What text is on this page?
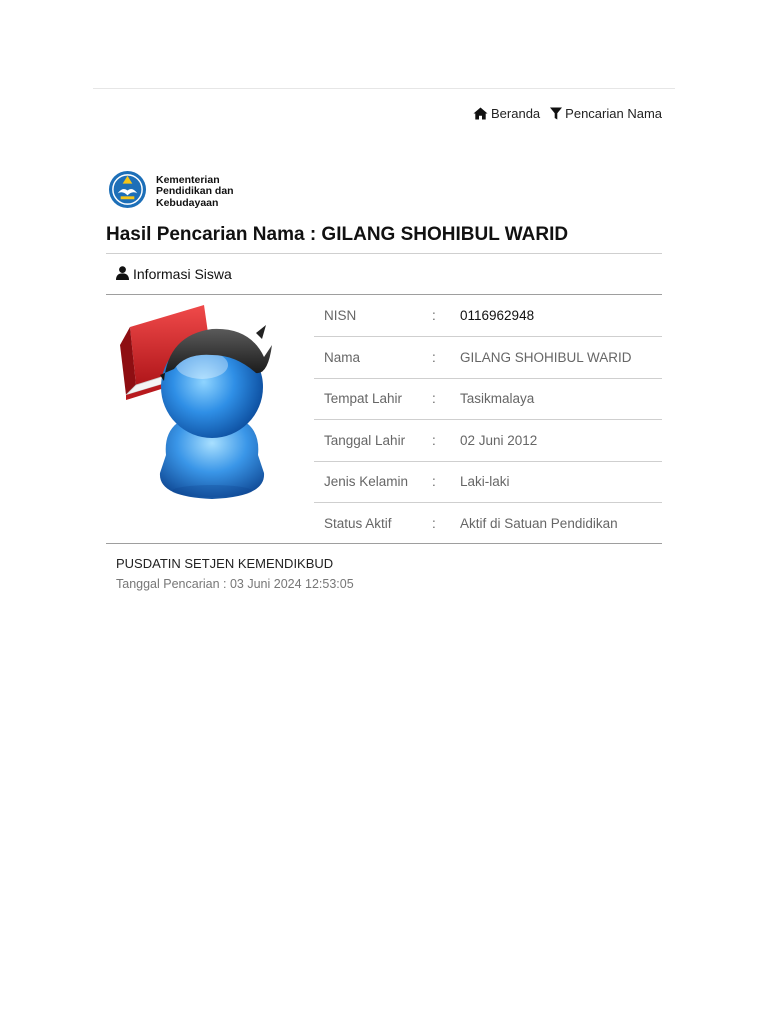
Beranda Pencarian Nama
Kementerian Pendidikan dan Kebudayaan
Hasil Pencarian Nama : GILANG SHOHIBUL WARID
Informasi Siswa
NISN	:	0116962948
Nama	:	GILANG SHOHIBUL WARID
Tempat Lahir	:	Tasikmalaya
Tanggal Lahir	:	02 Juni 2012
Jenis Kelamin	:	Laki-laki
Status Aktif	:	Aktif di Satuan Pendidikan
PUSDATIN SETJEN KEMENDIKBUD
Tanggal Pencarian : 03 Juni 2024 12:53:05
